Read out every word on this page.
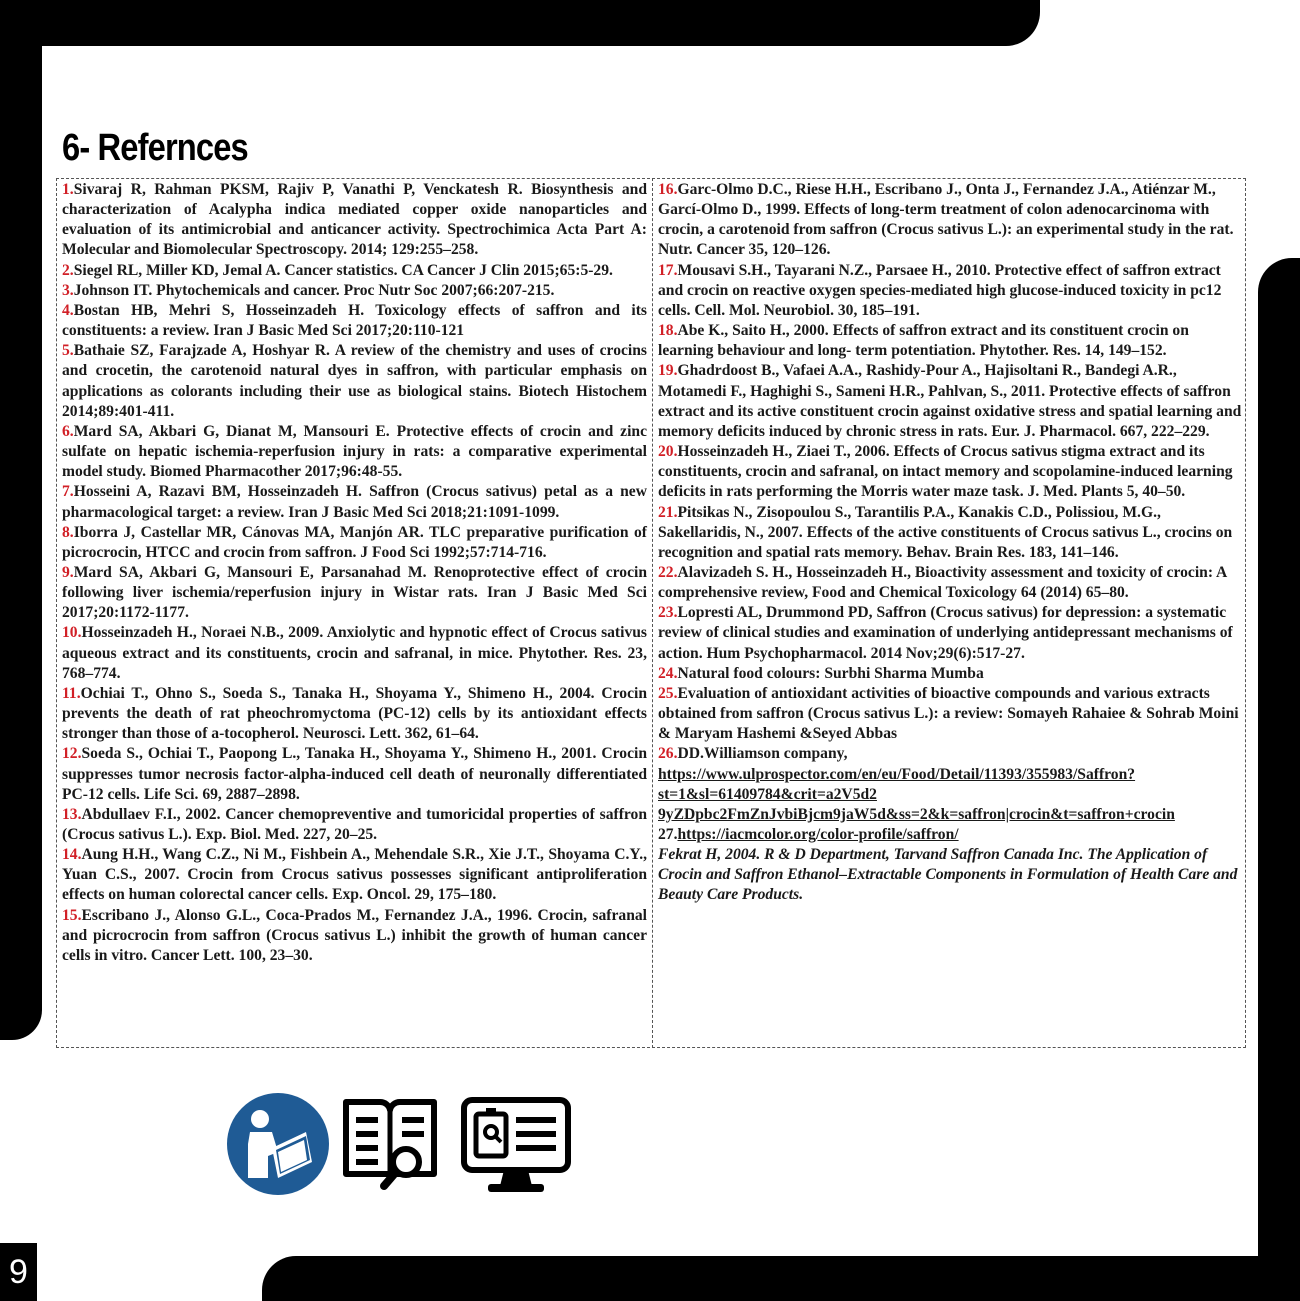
6- Refernces

1.Sivaraj R, Rahman PKSM, Rajiv P, Vanathi P, Venckatesh R. Biosynthesis and characterization of Acalypha indica mediated copper oxide nanoparticles and evaluation of its antimicrobial and anticancer activity. Spectrochimica Acta Part A: Molecular and Biomolecular Spectroscopy. 2014; 129:255–258.

2.Siegel RL, Miller KD, Jemal A. Cancer statistics. CA Cancer J Clin 2015;65:5-29.

3.Johnson IT. Phytochemicals and cancer. Proc Nutr Soc 2007;66:207-215.

4.Bostan HB, Mehri S, Hosseinzadeh H. Toxicology effects of saffron and its constituents: a review. Iran J Basic Med Sci 2017;20:110-121

5.Bathaie SZ, Farajzade A, Hoshyar R. A review of the chemistry and uses of crocins and crocetin, the carotenoid natural dyes in saffron, with particular emphasis on applications as colorants including their use as biological stains. Biotech Histochem 2014;89:401-411.

6.Mard SA, Akbari G, Dianat M, Mansouri E. Protective effects of crocin and zinc sulfate on hepatic ischemia-reperfusion injury in rats: a comparative experimental model study. Biomed Pharmacother 2017;96:48-55.

7.Hosseini A, Razavi BM, Hosseinzadeh H. Saffron (Crocus sativus) petal as a new pharmacological target: a review. Iran J Basic Med Sci 2018;21:1091-1099.

8.Iborra J, Castellar MR, Cánovas MA, Manjón AR. TLC preparative purification of picrocrocin, HTCC and crocin from saffron. J Food Sci 1992;57:714-716.

9.Mard SA, Akbari G, Mansouri E, Parsanahad M. Renoprotective effect of crocin following liver ischemia/reperfusion injury in Wistar rats. Iran J Basic Med Sci 2017;20:1172-1177.

10.Hosseinzadeh H., Noraei N.B., 2009. Anxiolytic and hypnotic effect of Crocus sativus aqueous extract and its constituents, crocin and safranal, in mice. Phytother. Res. 23, 768–774.

11.Ochiai T., Ohno S., Soeda S., Tanaka H., Shoyama Y., Shimeno H., 2004. Crocin prevents the death of rat pheochromyctoma (PC-12) cells by its antioxidant effects stronger than those of a-tocopherol. Neurosci. Lett. 362, 61–64.

12.Soeda S., Ochiai T., Paopong L., Tanaka H., Shoyama Y., Shimeno H., 2001. Crocin suppresses tumor necrosis factor-alpha-induced cell death of neuronally differentiated PC-12 cells. Life Sci. 69, 2887–2898.

13.Abdullaev F.I., 2002. Cancer chemopreventive and tumoricidal properties of saffron (Crocus sativus L.). Exp. Biol. Med. 227, 20–25.

14.Aung H.H., Wang C.Z., Ni M., Fishbein A., Mehendale S.R., Xie J.T., Shoyama C.Y., Yuan C.S., 2007. Crocin from Crocus sativus possesses significant antiproliferation effects on human colorectal cancer cells. Exp. Oncol. 29, 175–180.

15.Escribano J., Alonso G.L., Coca-Prados M., Fernandez J.A., 1996. Crocin, safranal and picrocrocin from saffron (Crocus sativus L.) inhibit the growth of human cancer cells in vitro. Cancer Lett. 100, 23–30.

16.Garc-Olmo D.C., Riese H.H., Escribano J., Onta J., Fernandez J.A., Atiénzar M., Garcí-Olmo D., 1999. Effects of long-term treatment of colon adenocarcinoma with crocin, a carotenoid from saffron (Crocus sativus L.): an experimental study in the rat. Nutr. Cancer 35, 120–126.

17.Mousavi S.H., Tayarani N.Z., Parsaee H., 2010. Protective effect of saffron extract and crocin on reactive oxygen species-mediated high glucose-induced toxicity in pc12 cells. Cell. Mol. Neurobiol. 30, 185–191.

18.Abe K., Saito H., 2000. Effects of saffron extract and its constituent crocin on learning behaviour and long- term potentiation. Phytother. Res. 14, 149–152.

19.Ghadrdoost B., Vafaei A.A., Rashidy-Pour A., Hajisoltani R., Bandegi A.R., Motamedi F., Haghighi S., Sameni H.R., Pahlvan, S., 2011. Protective effects of saffron extract and its active constituent crocin against oxidative stress and spatial learning and memory deficits induced by chronic stress in rats. Eur. J. Pharmacol. 667, 222–229.

20.Hosseinzadeh H., Ziaei T., 2006. Effects of Crocus sativus stigma extract and its constituents, crocin and safranal, on intact memory and scopolamine-induced learning deficits in rats performing the Morris water maze task. J. Med. Plants 5, 40–50.

21.Pitsikas N., Zisopoulou S., Tarantilis P.A., Kanakis C.D., Polissiou, M.G., Sakellaridis, N., 2007. Effects of the active constituents of Crocus sativus L., crocins on recognition and spatial rats memory. Behav. Brain Res. 183, 141–146.

22.Alavizadeh S. H., Hosseinzadeh H., Bioactivity assessment and toxicity of crocin: A comprehensive review, Food and Chemical Toxicology 64 (2014) 65–80.

23.Lopresti AL, Drummond PD, Saffron (Crocus sativus) for depression: a systematic review of clinical studies and examination of underlying antidepressant mechanisms of action. Hum Psychopharmacol. 2014 Nov;29(6):517-27.

24.Natural food colours: Surbhi Sharma Mumba

25.Evaluation of antioxidant activities of bioactive compounds and various extracts obtained from saffron (Crocus sativus L.): a review: Somayeh Rahaiee & Sohrab Moini & Maryam Hashemi &Seyed Abbas

26.DD.Williamson company, https://www.ulprospector.com/en/eu/Food/Detail/11393/355983/Saffron?st=1&sl=61409784&crit=a2V5d2 9yZDpbc2FmZnJvbiBjcm9jaW5d&ss=2&k=saffron|crocin&t=saffron+crocin

27.https://iacmcolor.org/color-profile/saffron/

Fekrat H, 2004. R & D Department, Tarvand Saffron Canada Inc. The Application of Crocin and Saffron Ethanol–Extractable Components in Formulation of Health Care and Beauty Care Products.

9
